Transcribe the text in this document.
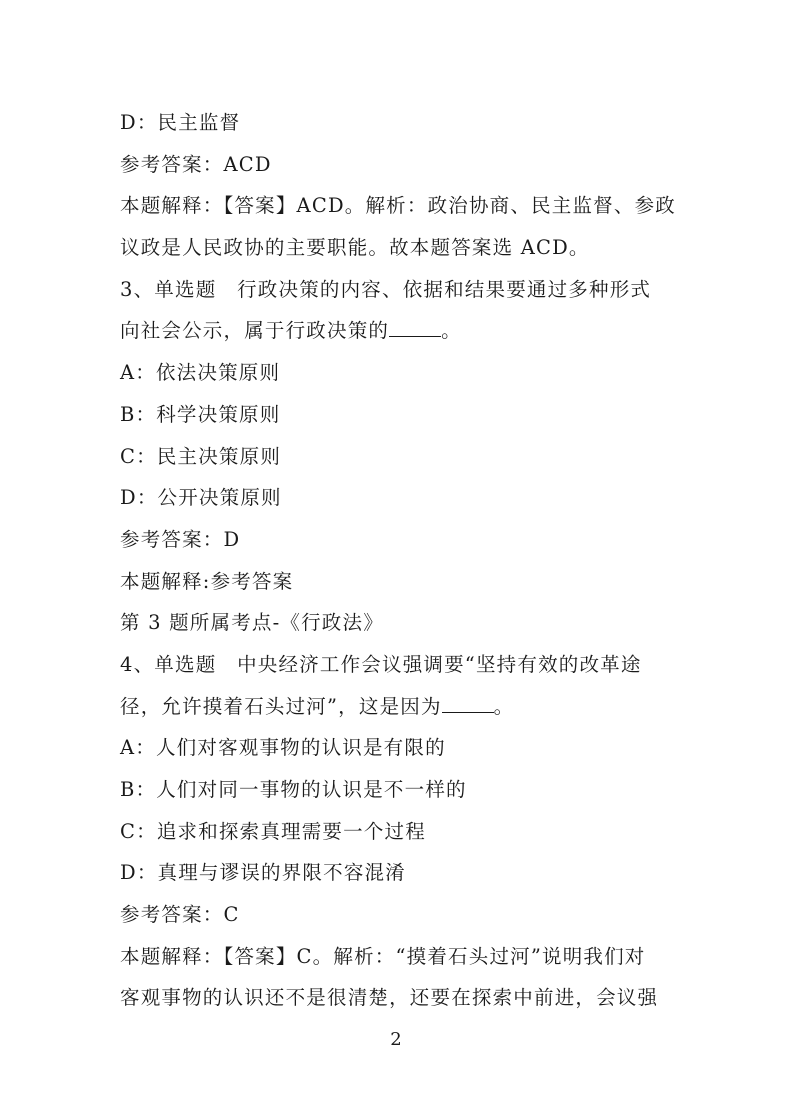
D：民主监督
参考答案：ACD
本题解释：【答案】ACD。解析：政治协商、民主监督、参政
议政是人民政协的主要职能。故本题答案选 ACD。
3、单选题　行政决策的内容、依据和结果要通过多种形式
向社会公示，属于行政决策的	。
A：依法决策原则
B：科学决策原则
C：民主决策原则
D：公开决策原则
参考答案：D
本题解释:参考答案
第 3 题所属考点-《行政法》
4、单选题　中央经济工作会议强调要“坚持有效的改革途
径，允许摸着石头过河”，这是因为	。
A：人们对客观事物的认识是有限的
B：人们对同一事物的认识是不一样的
C：追求和探索真理需要一个过程
D：真理与谬误的界限不容混淆
参考答案：C
本题解释：【答案】C。解析：“摸着石头过河”说明我们对
客观事物的认识还不是很清楚，还要在探索中前进，会议强
2
